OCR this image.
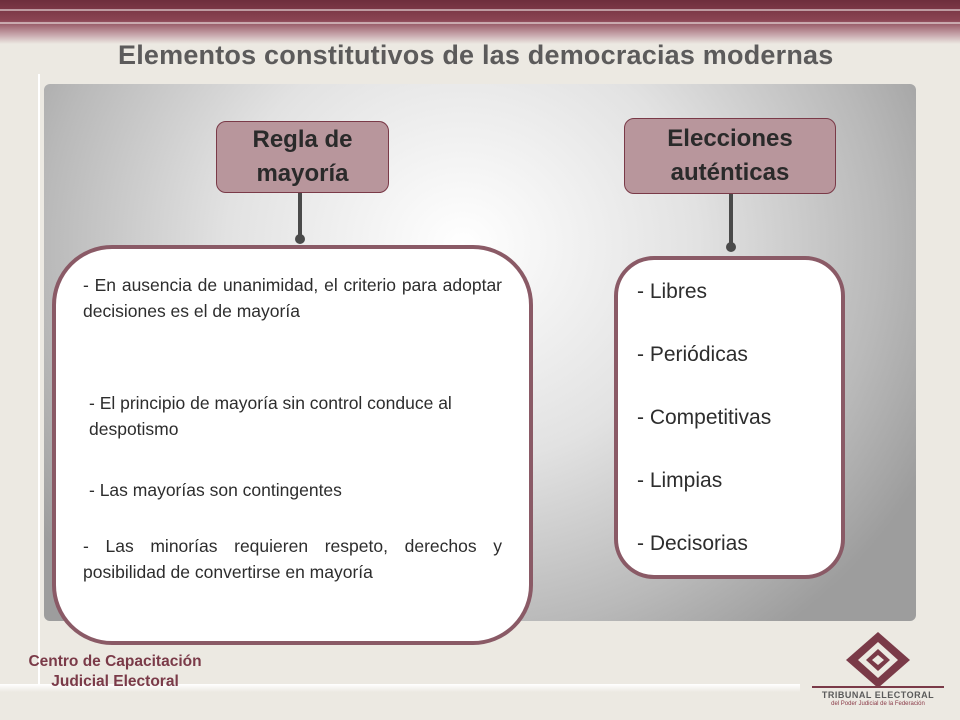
Elementos constitutivos de las democracias modernas
Regla de
mayoría

- En ausencia de unanimidad, el criterio para adoptar decisiones es el de mayoría

- El principio de mayoría sin control conduce al despotismo

- Las mayorías son contingentes

- Las minorías requieren respeto, derechos y posibilidad de convertirse en mayoría

Elecciones
auténticas
- Libres
- Periódicas
- Competitivas
- Limpias
- Decisorias
Centro de Capacitación
Judicial Electoral
TRIBUNAL ELECTORAL
del Poder Judicial de la Federación
